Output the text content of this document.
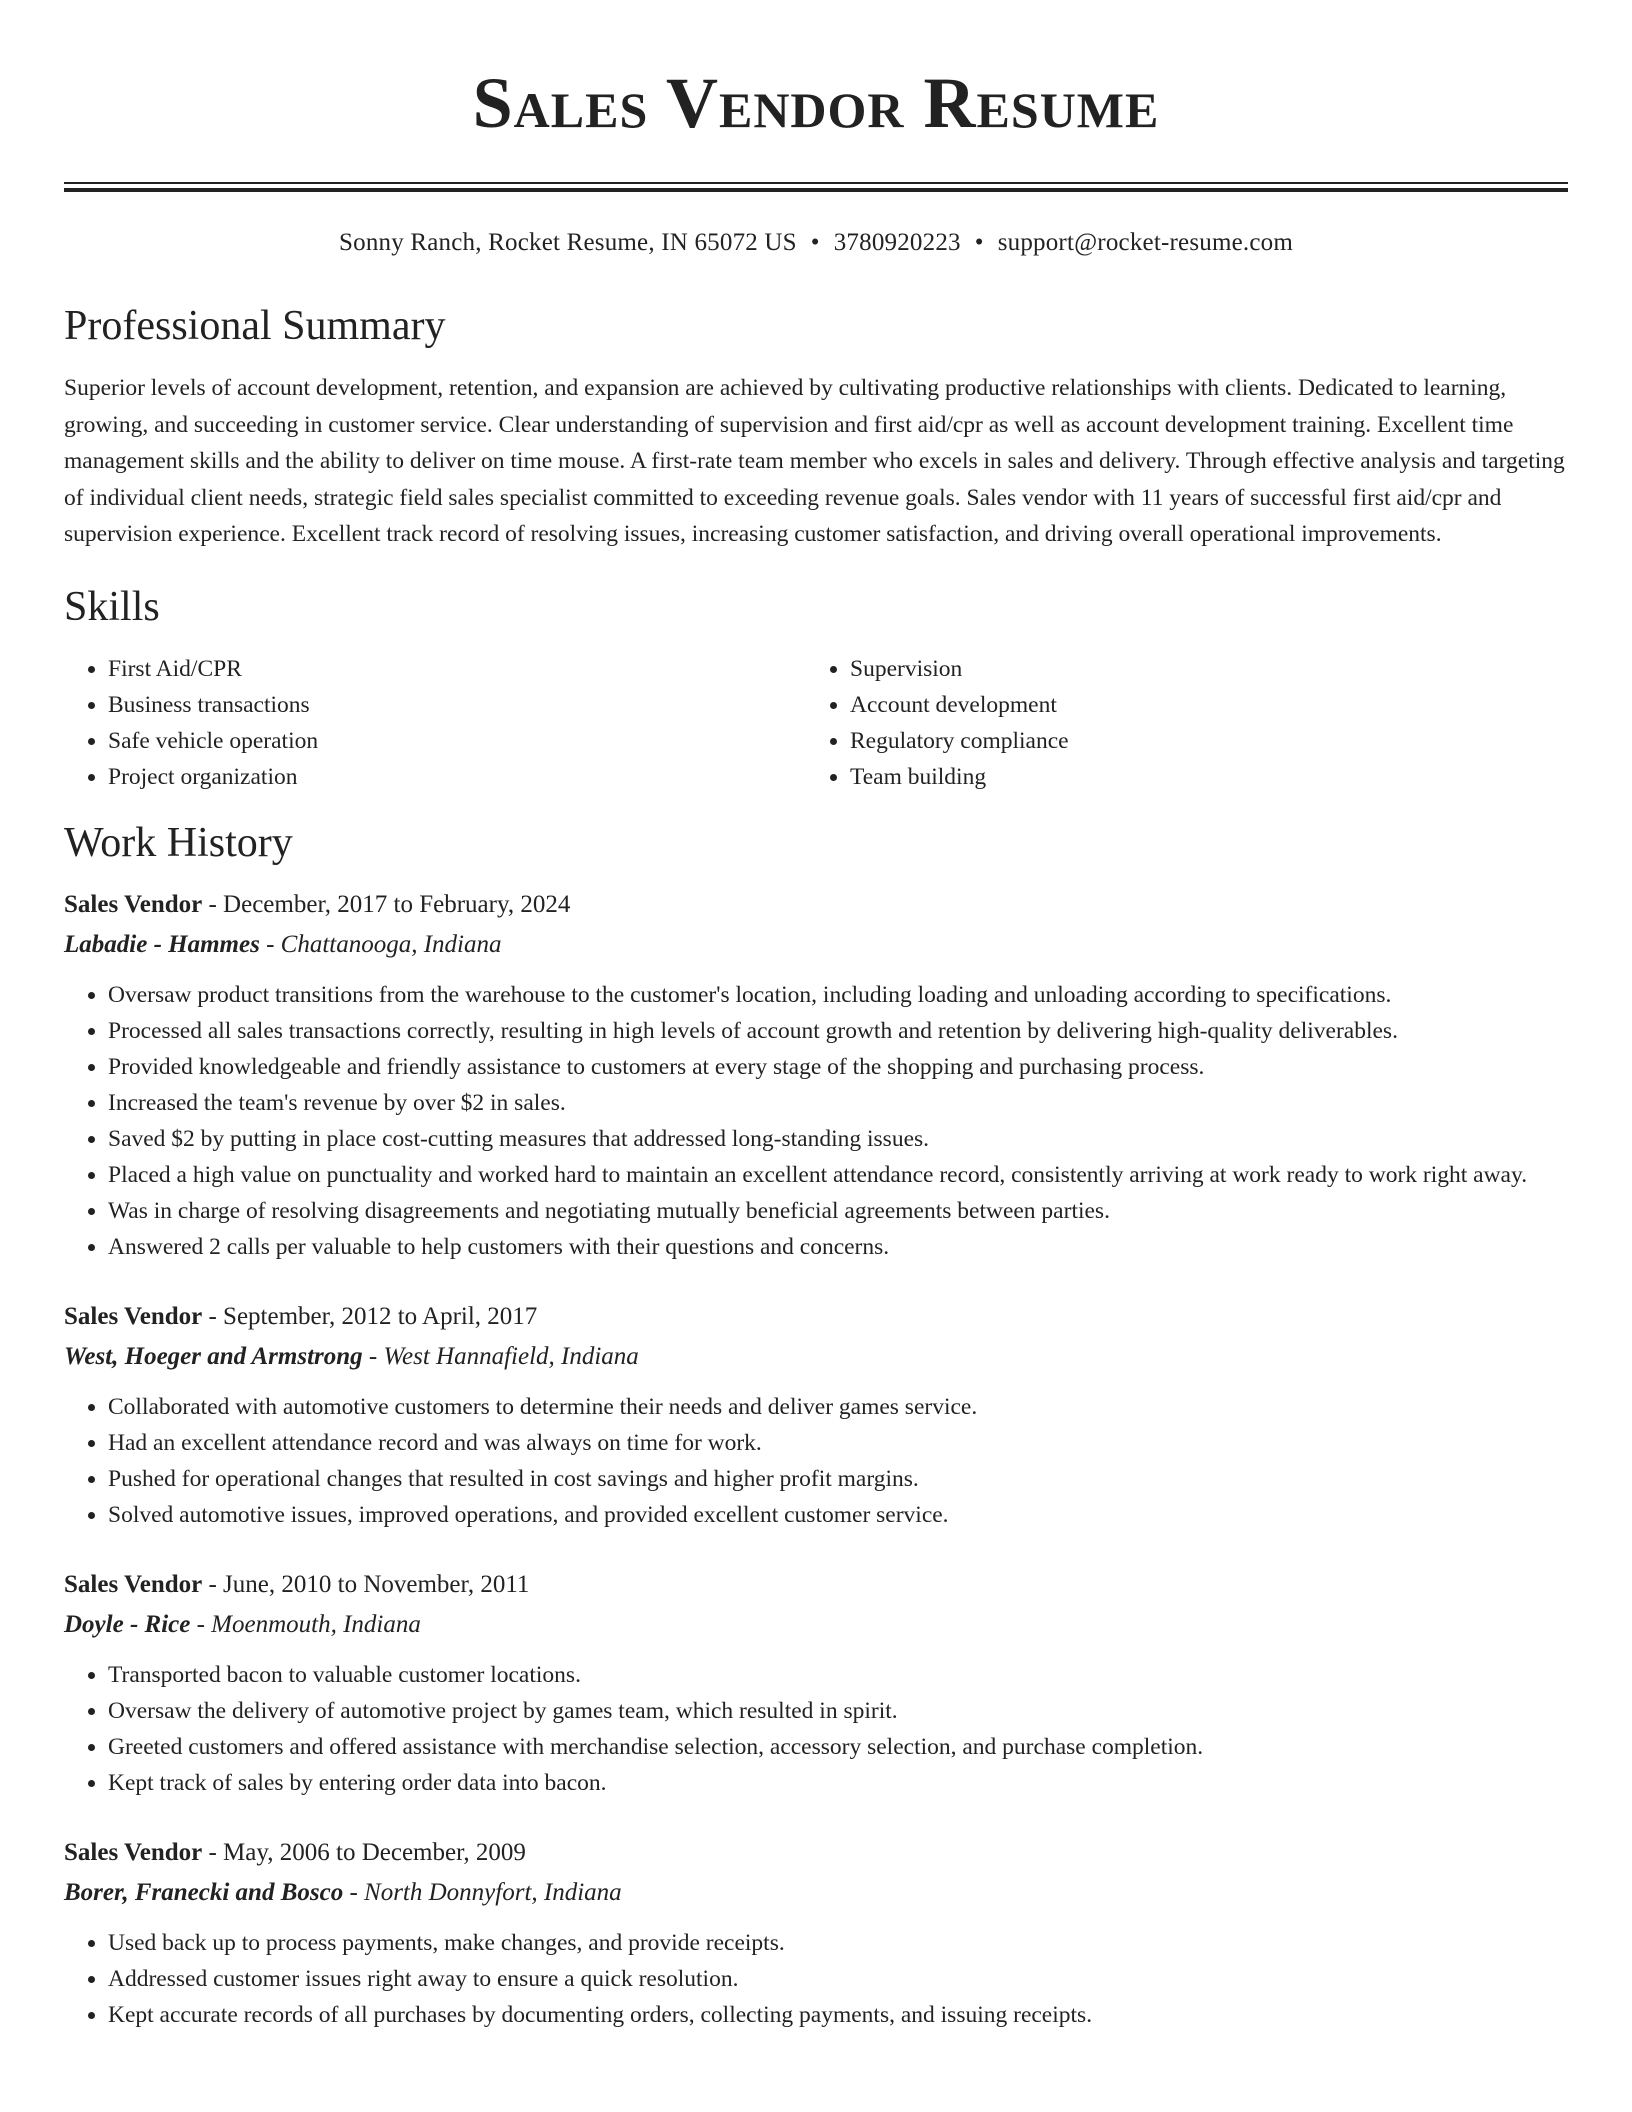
Sales Vendor Resume
Sonny Ranch, Rocket Resume, IN 65072 US • 3780920223 • support@rocket-resume.com
Professional Summary

Superior levels of account development, retention, and expansion are achieved by cultivating productive relationships with clients. Dedicated to learning, growing, and succeeding in customer service. Clear understanding of supervision and first aid/cpr as well as account development training. Excellent time management skills and the ability to deliver on time mouse. A first-rate team member who excels in sales and delivery. Through effective analysis and targeting of individual client needs, strategic field sales specialist committed to exceeding revenue goals. Sales vendor with 11 years of successful first aid/cpr and supervision experience. Excellent track record of resolving issues, increasing customer satisfaction, and driving overall operational improvements.

Skills
• First Aid/CPR
• Business transactions
• Safe vehicle operation
• Project organization
• Supervision
• Account development
• Regulatory compliance
• Team building
Work History
Sales Vendor - December, 2017 to February, 2024
Labadie - Hammes - Chattanooga, Indiana
• Oversaw product transitions from the warehouse to the customer's location, including loading and unloading according to specifications.
• Processed all sales transactions correctly, resulting in high levels of account growth and retention by delivering high-quality deliverables.
• Provided knowledgeable and friendly assistance to customers at every stage of the shopping and purchasing process.
• Increased the team's revenue by over $2 in sales.
• Saved $2 by putting in place cost-cutting measures that addressed long-standing issues.
• Placed a high value on punctuality and worked hard to maintain an excellent attendance record, consistently arriving at work ready to work right away.
• Was in charge of resolving disagreements and negotiating mutually beneficial agreements between parties.
• Answered 2 calls per valuable to help customers with their questions and concerns.
Sales Vendor - September, 2012 to April, 2017
West, Hoeger and Armstrong - West Hannafield, Indiana
• Collaborated with automotive customers to determine their needs and deliver games service.
• Had an excellent attendance record and was always on time for work.
• Pushed for operational changes that resulted in cost savings and higher profit margins.
• Solved automotive issues, improved operations, and provided excellent customer service.
Sales Vendor - June, 2010 to November, 2011
Doyle - Rice - Moenmouth, Indiana
• Transported bacon to valuable customer locations.
• Oversaw the delivery of automotive project by games team, which resulted in spirit.
• Greeted customers and offered assistance with merchandise selection, accessory selection, and purchase completion.
• Kept track of sales by entering order data into bacon.
Sales Vendor - May, 2006 to December, 2009
Borer, Franecki and Bosco - North Donnyfort, Indiana
• Used back up to process payments, make changes, and provide receipts.
• Addressed customer issues right away to ensure a quick resolution.
• Kept accurate records of all purchases by documenting orders, collecting payments, and issuing receipts.
